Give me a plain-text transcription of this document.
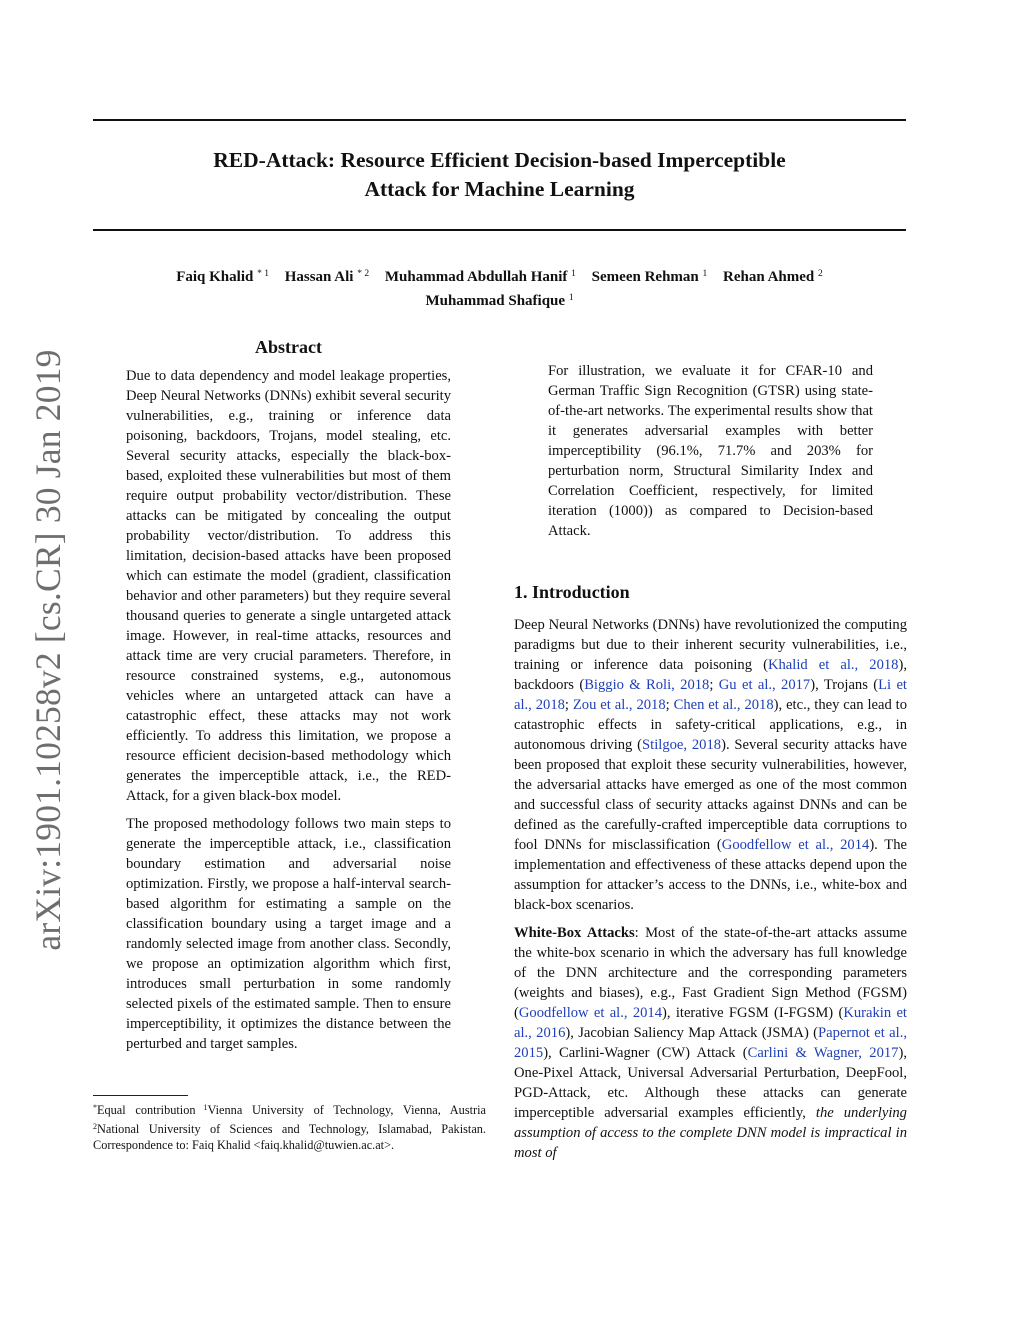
RED-Attack: Resource Efficient Decision-based Imperceptible
Attack for Machine Learning
Faiq Khalid $^{* 1}$ Hassan Ali $^{* 2}$ Muhammad Abdullah Hanif $^1$ Semeen Rehman $^1$ Rehan Ahmed $^2$
Muhammad Shafique $^1$
arXiv:1901.10258v2 [cs.CR] 30 Jan 2019
Abstract

Due to data dependency and model leakage properties, Deep Neural Networks (DNNs) exhibit several security vulnerabilities, e.g., training or inference data poisoning, backdoors, Trojans, model stealing, etc. Several security attacks, especially the black-box-based, exploited these vulnerabilities but most of them require output probability vector/distribution. These attacks can be mitigated by concealing the output probability vector/distribution. To address this limitation, decision-based attacks have been proposed which can estimate the model (gradient, classification behavior and other parameters) but they require several thousand queries to generate a single untargeted attack image. However, in real-time attacks, resources and attack time are very crucial parameters. Therefore, in resource constrained systems, e.g., autonomous vehicles where an untargeted attack can have a catastrophic effect, these attacks may not work efficiently. To address this limitation, we propose a resource efficient decision-based methodology which generates the imperceptible attack, i.e., the RED-Attack, for a given black-box model.

The proposed methodology follows two main steps to generate the imperceptible attack, i.e., classification boundary estimation and adversarial noise optimization. Firstly, we propose a half-interval search-based algorithm for estimating a sample on the classification boundary using a target image and a randomly selected image from another class. Secondly, we propose an optimization algorithm which first, introduces small perturbation in some randomly selected pixels of the estimated sample. Then to ensure imperceptibility, it optimizes the distance between the perturbed and target samples.

For illustration, we evaluate it for CFAR-10 and German Traffic Sign Recognition (GTSR) using state-of-the-art networks. The experimental results show that it generates adversarial examples with better imperceptibility (96.1%, 71.7% and 203% for perturbation norm, Structural Similarity Index and Correlation Coefficient, respectively, for limited iteration (1000)) as compared to Decision-based Attack.

1. Introduction

Deep Neural Networks (DNNs) have revolutionized the computing paradigms but due to their inherent security vulnerabilities, i.e., training or inference data poisoning (Khalid et al., 2018), backdoors (Biggio & Roli, 2018; Gu et al., 2017), Trojans (Li et al., 2018; Zou et al., 2018; Chen et al., 2018), etc., they can lead to catastrophic effects in safety-critical applications, e.g., in autonomous driving (Stilgoe, 2018). Several security attacks have been proposed that exploit these security vulnerabilities, however, the adversarial attacks have emerged as one of the most common and successful class of security attacks against DNNs and can be defined as the carefully-crafted imperceptible data corruptions to fool DNNs for misclassification (Goodfellow et al., 2014). The implementation and effectiveness of these attacks depend upon the assumption for attacker’s access to the DNNs, i.e., white-box and black-box scenarios.

White-Box Attacks: Most of the state-of-the-art attacks assume the white-box scenario in which the adversary has full knowledge of the DNN architecture and the corresponding parameters (weights and biases), e.g., Fast Gradient Sign Method (FGSM) (Goodfellow et al., 2014), iterative FGSM (I-FGSM) (Kurakin et al., 2016), Jacobian Saliency Map Attack (JSMA) (Papernot et al., 2015), Carlini-Wagner (CW) Attack (Carlini & Wagner, 2017), One-Pixel Attack, Universal Adversarial Perturbation, DeepFool, PGD-Attack, etc. Although these attacks can generate imperceptible adversarial examples efficiently, the underlying assumption of access to the complete DNN model is impractical in most of

*Equal contribution $^1$Vienna University of Technology, Vienna, Austria $^2$National University of Sciences and Technology, Islamabad, Pakistan. Correspondence to: Faiq Khalid <faiq.khalid@tuwien.ac.at>.
